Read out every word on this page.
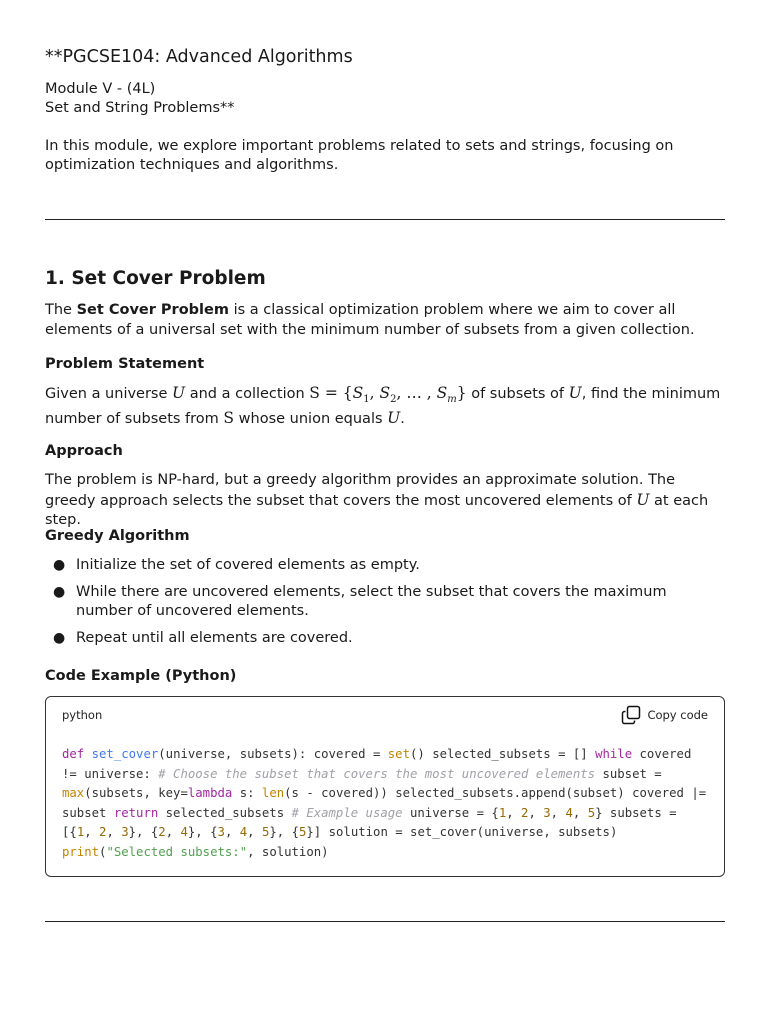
**PGCSE104: Advanced Algorithms
Module V - (4L)
Set and String Problems**
In this module, we explore important problems related to sets and strings, focusing on optimization techniques and algorithms.
1. Set Cover Problem

The Set Cover Problem is a classical optimization problem where we aim to cover all elements of a universal set with the minimum number of subsets from a given collection.

Problem Statement

Given a universe U and a collection $S = \{S_1$, $S_2$, … , $S_m$} of subsets of U, find the minimum number of subsets from S whose union equals U.

Approach

The problem is NP-hard, but a greedy algorithm provides an approximate solution. The greedy approach selects the subset that covers the most uncovered elements of U at each step.

Greedy Algorithm
● Initialize the set of covered elements as empty.
● While there are uncovered elements, select the subset that covers the maximum number of uncovered elements.
● Repeat until all elements are covered.
Code Example (Python)
python	Copy code
def set_cover(universe, subsets): covered = set() selected_subsets = [] while covered != universe: # Choose the subset that covers the most uncovered elements subset = max(subsets, key=lambda s: len(s - covered)) selected_subsets.append(subset) covered |= subset return selected_subsets # Example usage universe = {1, 2, 3, 4, 5} subsets = [{1, 2, 3}, {2, 4}, {3, 4, 5}, {5}] solution = set_cover(universe, subsets) print("Selected subsets:", solution)
